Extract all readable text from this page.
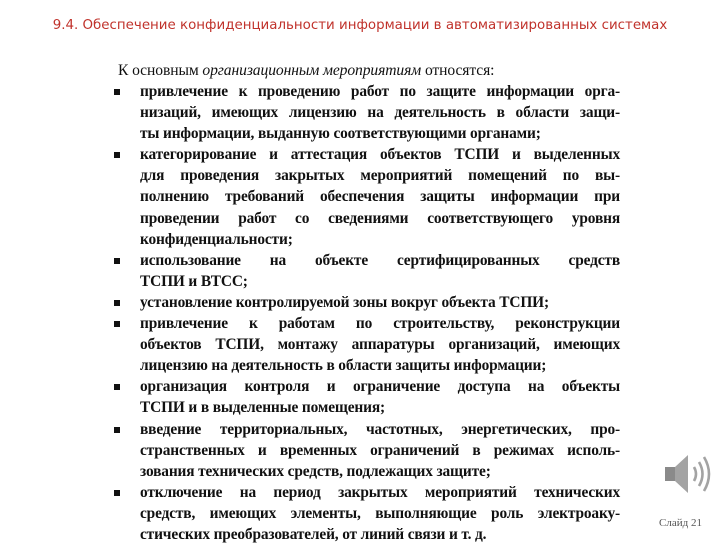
9.4. Обеспечение конфиденциальности информации в автоматизированных системах
К основным организационным мероприятиям относятся:
привлечение к проведению работ по защите информации орга-
низаций, имеющих лицензию на деятельность в области защи-
ты информации, выданную соответствующими органами;
категорирование и аттестация объектов ТСПИ и выделенных
для проведения закрытых мероприятий помещений по вы-
полнению требований обеспечения защиты информации при
проведении работ со сведениями соответствующего уровня
конфиденциальности;
использование на объекте сертифицированных средств
ТСПИ и ВТСС;
установление контролируемой зоны вокруг объекта ТСПИ;
привлечение к работам по строительству, реконструкции
объектов ТСПИ, монтажу аппаратуры организаций, имеющих
лицензию на деятельность в области защиты информации;
организация контроля и ограничение доступа на объекты
ТСПИ и в выделенные помещения;
введение территориальных, частотных, энергетических, про-
странственных и временных ограничений в режимах исполь-
зования технических средств, подлежащих защите;
отключение на период закрытых мероприятий технических
средств, имеющих элементы, выполняющие роль электроаку-
стических преобразователей, от линий связи и т. д.
Слайд 21
